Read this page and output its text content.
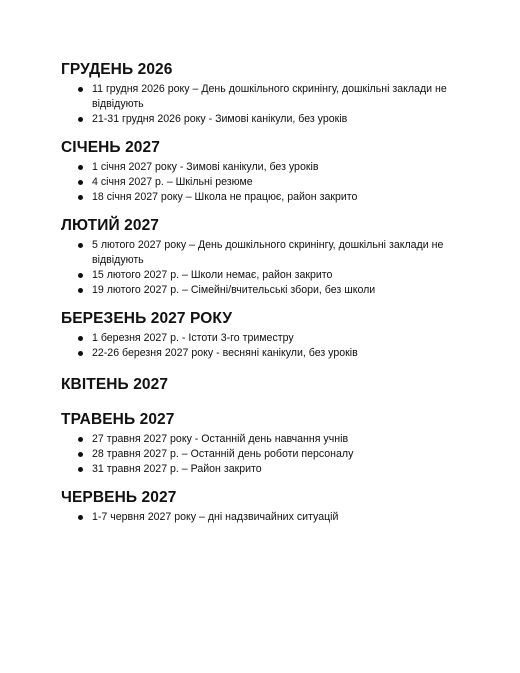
ГРУДЕНЬ 2026
11 грудня 2026 року – День дошкільного скринінгу, дошкільні заклади не відвідують
21-31 грудня 2026 року - Зимові канікули, без уроків
СІЧЕНЬ 2027
1 січня 2027 року - Зимові канікули, без уроків
4 січня 2027 р. – Шкільні резюме
18 січня 2027 року – Школа не працює, район закрито
ЛЮТИЙ 2027
5 лютого 2027 року – День дошкільного скринінгу, дошкільні заклади не відвідують
15 лютого 2027 р. – Школи немає, район закрито
19 лютого 2027 р. – Сімейні/вчительські збори, без школи
БЕРЕЗЕНЬ 2027 РОКУ
1 березня 2027 р. - Істоти 3-го триместру
22-26 березня 2027 року - весняні канікули, без уроків
КВІТЕНЬ 2027
ТРАВЕНЬ 2027
27 травня 2027 року - Останній день навчання учнів
28 травня 2027 р. – Останній день роботи персоналу
31 травня 2027 р. – Район закрито
ЧЕРВЕНЬ 2027
1-7 червня 2027 року – дні надзвичайних ситуацій
